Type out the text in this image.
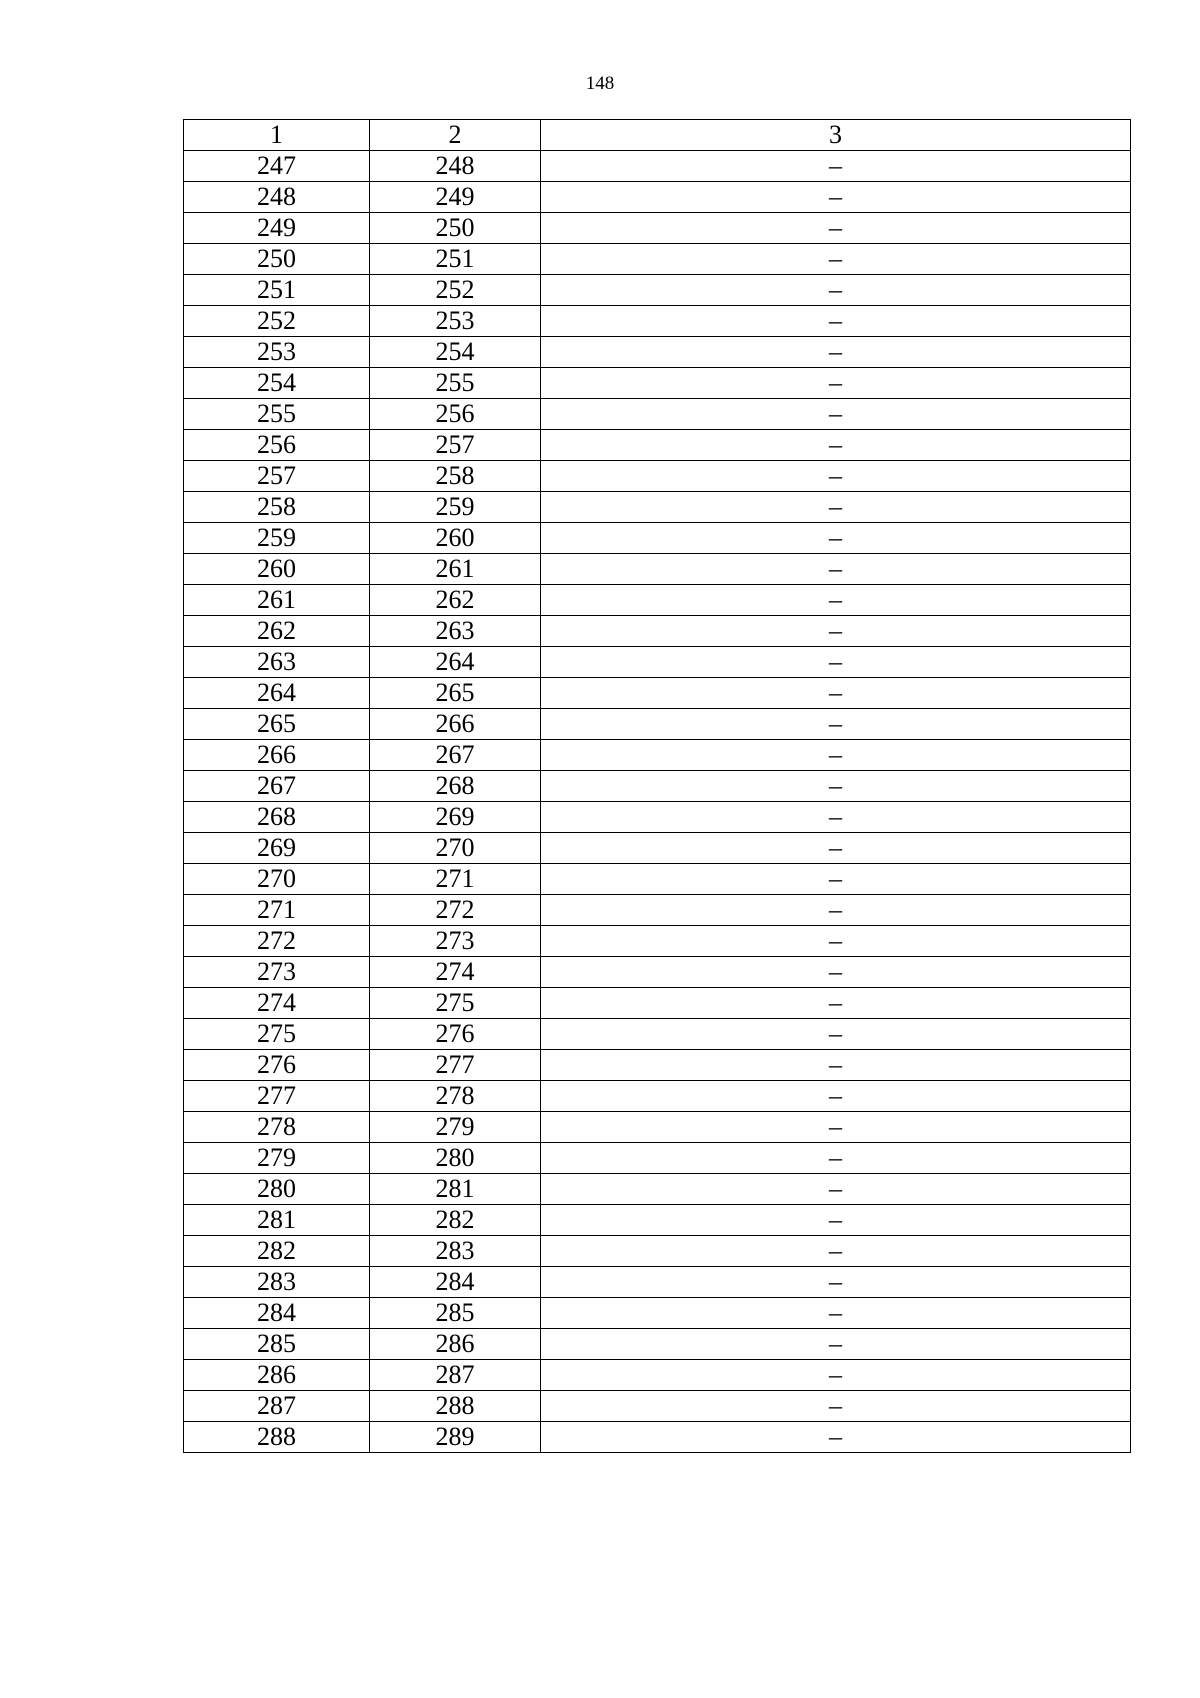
148
1	2	3
247	248	–
248	249	–
249	250	–
250	251	–
251	252	–
252	253	–
253	254	–
254	255	–
255	256	–
256	257	–
257	258	–
258	259	–
259	260	–
260	261	–
261	262	–
262	263	–
263	264	–
264	265	–
265	266	–
266	267	–
267	268	–
268	269	–
269	270	–
270	271	–
271	272	–
272	273	–
273	274	–
274	275	–
275	276	–
276	277	–
277	278	–
278	279	–
279	280	–
280	281	–
281	282	–
282	283	–
283	284	–
284	285	–
285	286	–
286	287	–
287	288	–
288	289	–
